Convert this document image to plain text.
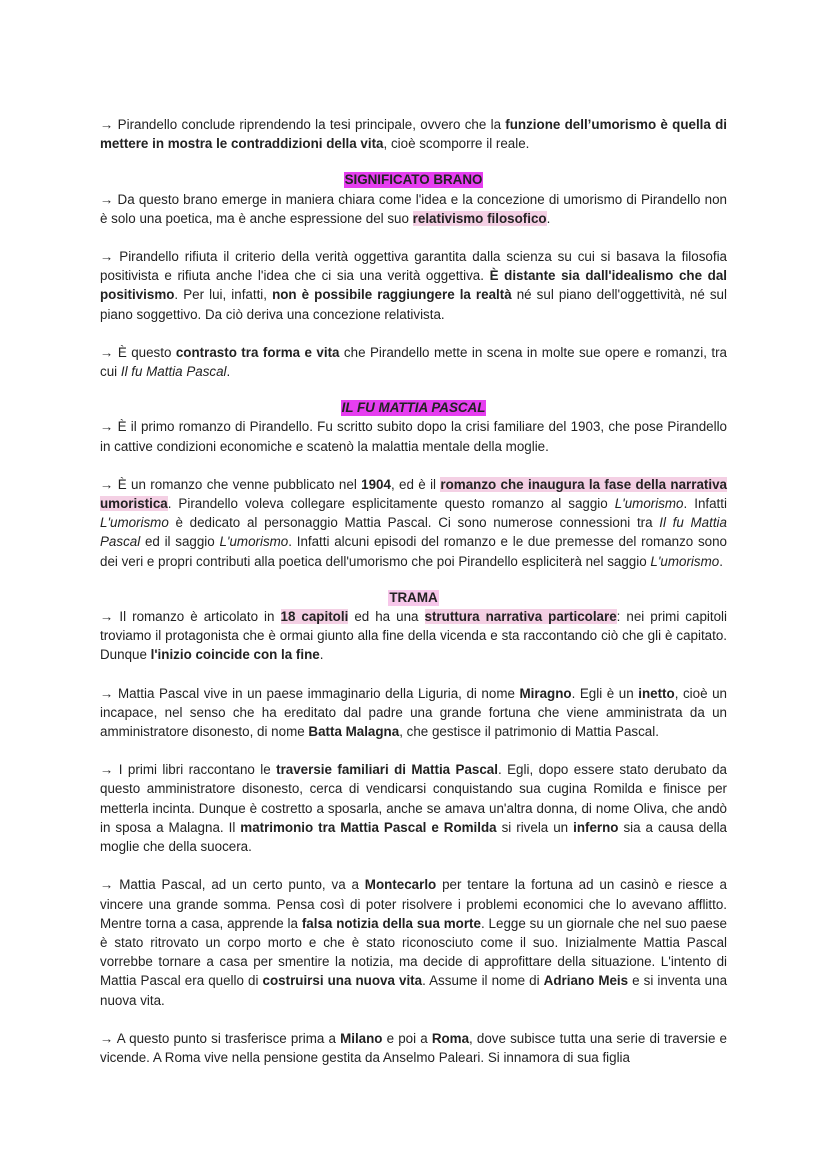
→ Pirandello conclude riprendendo la tesi principale, ovvero che la funzione dell’umorismo è quella di mettere in mostra le contraddizioni della vita, cioè scomporre il reale.

SIGNIFICATO BRANO

→ Da questo brano emerge in maniera chiara come l'idea e la concezione di umorismo di Pirandello non è solo una poetica, ma è anche espressione del suo relativismo filosofico.

→ Pirandello rifiuta il criterio della verità oggettiva garantita dalla scienza su cui si basava la filosofia positivista e rifiuta anche l'idea che ci sia una verità oggettiva. È distante sia dall'idealismo che dal positivismo. Per lui, infatti, non è possibile raggiungere la realtà né sul piano dell'oggettività, né sul piano soggettivo. Da ciò deriva una concezione relativista.

→ È questo contrasto tra forma e vita che Pirandello mette in scena in molte sue opere e romanzi, tra cui Il fu Mattia Pascal.

IL FU MATTIA PASCAL

→ È il primo romanzo di Pirandello. Fu scritto subito dopo la crisi familiare del 1903, che pose Pirandello in cattive condizioni economiche e scatenò la malattia mentale della moglie.

→ È un romanzo che venne pubblicato nel 1904, ed è il romanzo che inaugura la fase della narrativa umoristica. Pirandello voleva collegare esplicitamente questo romanzo al saggio L'umorismo. Infatti L'umorismo è dedicato al personaggio Mattia Pascal. Ci sono numerose connessioni tra Il fu Mattia Pascal ed il saggio L'umorismo. Infatti alcuni episodi del romanzo e le due premesse del romanzo sono dei veri e propri contributi alla poetica dell'umorismo che poi Pirandello espliciterà nel saggio L'umorismo.

TRAMA

→ Il romanzo è articolato in 18 capitoli ed ha una struttura narrativa particolare: nei primi capitoli troviamo il protagonista che è ormai giunto alla fine della vicenda e sta raccontando ciò che gli è capitato. Dunque l'inizio coincide con la fine.

→ Mattia Pascal vive in un paese immaginario della Liguria, di nome Miragno. Egli è un inetto, cioè un incapace, nel senso che ha ereditato dal padre una grande fortuna che viene amministrata da un amministratore disonesto, di nome Batta Malagna, che gestisce il patrimonio di Mattia Pascal.

→ I primi libri raccontano le traversie familiari di Mattia Pascal. Egli, dopo essere stato derubato da questo amministratore disonesto, cerca di vendicarsi conquistando sua cugina Romilda e finisce per metterla incinta. Dunque è costretto a sposarla, anche se amava un'altra donna, di nome Oliva, che andò in sposa a Malagna. Il matrimonio tra Mattia Pascal e Romilda si rivela un inferno sia a causa della moglie che della suocera.

→ Mattia Pascal, ad un certo punto, va a Montecarlo per tentare la fortuna ad un casinò e riesce a vincere una grande somma. Pensa così di poter risolvere i problemi economici che lo avevano afflitto. Mentre torna a casa, apprende la falsa notizia della sua morte. Legge su un giornale che nel suo paese è stato ritrovato un corpo morto e che è stato riconosciuto come il suo. Inizialmente Mattia Pascal vorrebbe tornare a casa per smentire la notizia, ma decide di approfittare della situazione. L'intento di Mattia Pascal era quello di costruirsi una nuova vita. Assume il nome di Adriano Meis e si inventa una nuova vita.

→ A questo punto si trasferisce prima a Milano e poi a Roma, dove subisce tutta una serie di traversie e vicende. A Roma vive nella pensione gestita da Anselmo Paleari. Si innamora di sua figlia
